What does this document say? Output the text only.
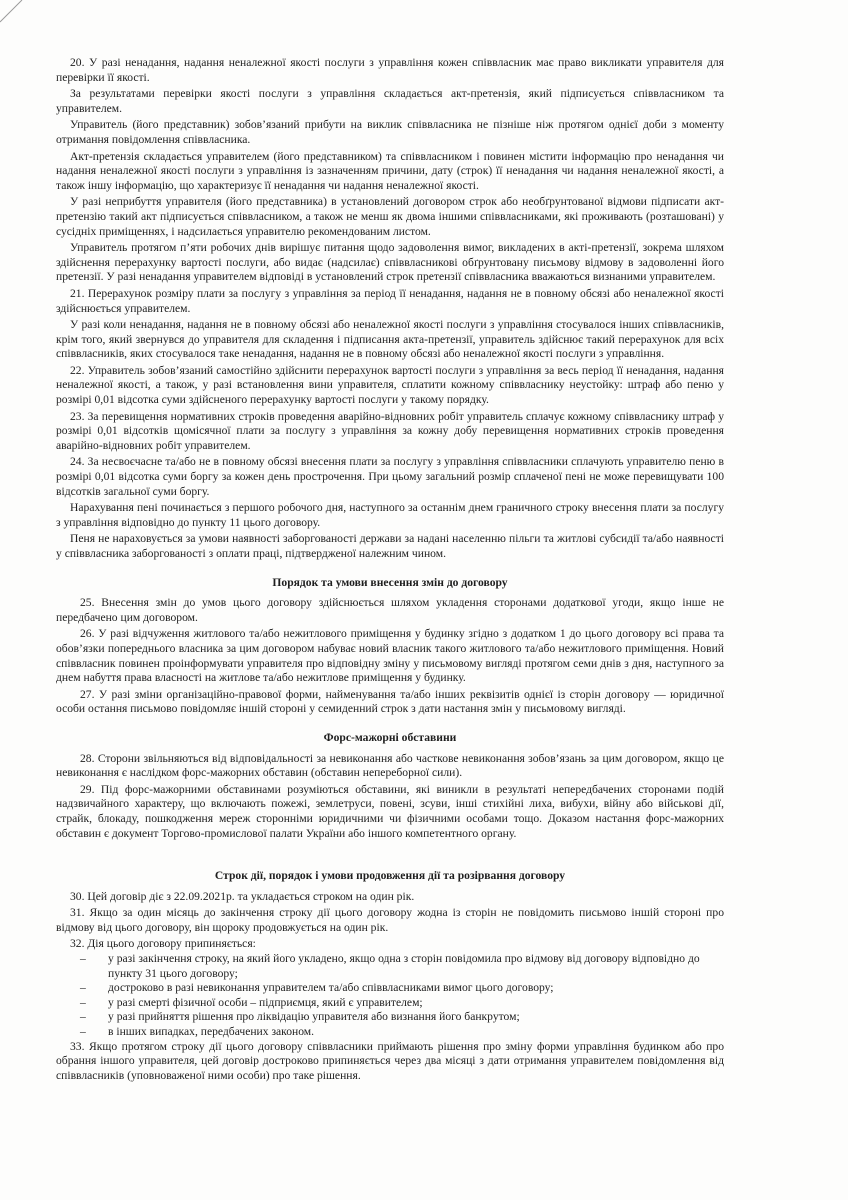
20. У разі ненадання, надання неналежної якості послуги з управління кожен співвласник має право викликати управителя для перевірки її якості.

За результатами перевірки якості послуги з управління складається акт-претензія, який підписується співвласником та управителем.

Управитель (його представник) зобов’язаний прибути на виклик співвласника не пізніше ніж протягом однієї доби з моменту отримання повідомлення співвласника.

Акт-претензія складається управителем (його представником) та співвласником і повинен містити інформацію про ненадання чи надання неналежної якості послуги з управління із зазначенням причини, дату (строк) її ненадання чи надання неналежної якості, а також іншу інформацію, що характеризує її ненадання чи надання неналежної якості.

У разі неприбуття управителя (його представника) в установлений договором строк або необґрунтованої відмови підписати акт-претензію такий акт підписується співвласником, а також не менш як двома іншими співвласниками, які проживають (розташовані) у сусідніх приміщеннях, і надсилається управителю рекомендованим листом.

Управитель протягом п’яти робочих днів вирішує питання щодо задоволення вимог, викладених в акті-претензії, зокрема шляхом здійснення перерахунку вартості послуги, або видає (надсилає) співвласникові обґрунтовану письмову відмову в задоволенні його претензії. У разі ненадання управителем відповіді в установлений строк претензії співвласника вважаються визнаними управителем.

21. Перерахунок розміру плати за послугу з управління за період її ненадання, надання не в повному обсязі або неналежної якості здійснюється управителем.

У разі коли ненадання, надання не в повному обсязі або неналежної якості послуги з управління стосувалося інших співвласників, крім того, який звернувся до управителя для складення і підписання акта-претензії, управитель здійснює такий перерахунок для всіх співвласників, яких стосувалося таке ненадання, надання не в повному обсязі або неналежної якості послуги з управління.

22. Управитель зобов’язаний самостійно здійснити перерахунок вартості послуги з управління за весь період її ненадання, надання неналежної якості, а також, у разі встановлення вини управителя, сплатити кожному співвласнику неустойку: штраф або пеню у розмірі 0,01 відсотка суми здійсненого перерахунку вартості послуги у такому порядку.

23. За перевищення нормативних строків проведення аварійно-відновних робіт управитель сплачує кожному співвласнику штраф у розмірі 0,01 відсотків щомісячної плати за послугу з управління за кожну добу перевищення нормативних строків проведення аварійно-відновних робіт управителем.

24. За несвоєчасне та/або не в повному обсязі внесення плати за послугу з управління співвласники сплачують управителю пеню в розмірі 0,01 відсотка суми боргу за кожен день прострочення. При цьому загальний розмір сплаченої пені не може перевищувати 100 відсотків загальної суми боргу.

Нарахування пені починається з першого робочого дня, наступного за останнім днем граничного строку внесення плати за послугу з управління відповідно до пункту 11 цього договору.

Пеня не нараховується за умови наявності заборгованості держави за надані населенню пільги та житлові субсидії та/або наявності у співвласника заборгованості з оплати праці, підтвердженої належним чином.

Порядок та умови внесення змін до договору

25. Внесення змін до умов цього договору здійснюється шляхом укладення сторонами додаткової угоди, якщо інше не передбачено цим договором.

26. У разі відчуження житлового та/або нежитлового приміщення у будинку згідно з додатком 1 до цього договору всі права та обов’язки попереднього власника за цим договором набуває новий власник такого житлового та/або нежитлового приміщення. Новий співвласник повинен проінформувати управителя про відповідну зміну у письмовому вигляді протягом семи днів з дня, наступного за днем набуття права власності на житлове та/або нежитлове приміщення у будинку.

27. У разі зміни організаційно-правової форми, найменування та/або інших реквізитів однієї із сторін договору — юридичної особи остання письмово повідомляє іншій стороні у семиденний строк з дати настання змін у письмовому вигляді.

Форс-мажорні обставини

28. Сторони звільняються від відповідальності за невиконання або часткове невиконання зобов’язань за цим договором, якщо це невиконання є наслідком форс-мажорних обставин (обставин непереборної сили).

29. Під форс-мажорними обставинами розуміються обставини, які виникли в результаті непередбачених сторонами подій надзвичайного характеру, що включають пожежі, землетруси, повені, зсуви, інші стихійні лиха, вибухи, війну або військові дії, страйк, блокаду, пошкодження мереж сторонніми юридичними чи фізичними особами тощо. Доказом настання форс-мажорних обставин є документ Торгово-промислової палати України або іншого компетентного органу.

Строк дії, порядок і умови продовження дії та розірвання договору

30. Цей договір діє з 22.09.2021р. та укладається строком на один рік.

31. Якщо за один місяць до закінчення строку дії цього договору жодна із сторін не повідомить письмово іншій стороні про відмову від цього договору, він щороку продовжується на один рік.

32. Дія цього договору припиняється:

– у разі закінчення строку, на який його укладено, якщо одна з сторін повідомила про відмову від договору відповідно до пункту 31 цього договору;
– достроково в разі невиконання управителем та/або співвласниками вимог цього договору;
– у разі смерті фізичної особи – підприємця, який є управителем;
– у разі прийняття рішення про ліквідацію управителя або визнання його банкрутом;
– в інших випадках, передбачених законом.

33. Якщо протягом строку дії цього договору співвласники приймають рішення про зміну форми управління будинком або про обрання іншого управителя, цей договір достроково припиняється через два місяці з дати отримання управителем повідомлення від співвласників (уповноваженої ними особи) про таке рішення.
